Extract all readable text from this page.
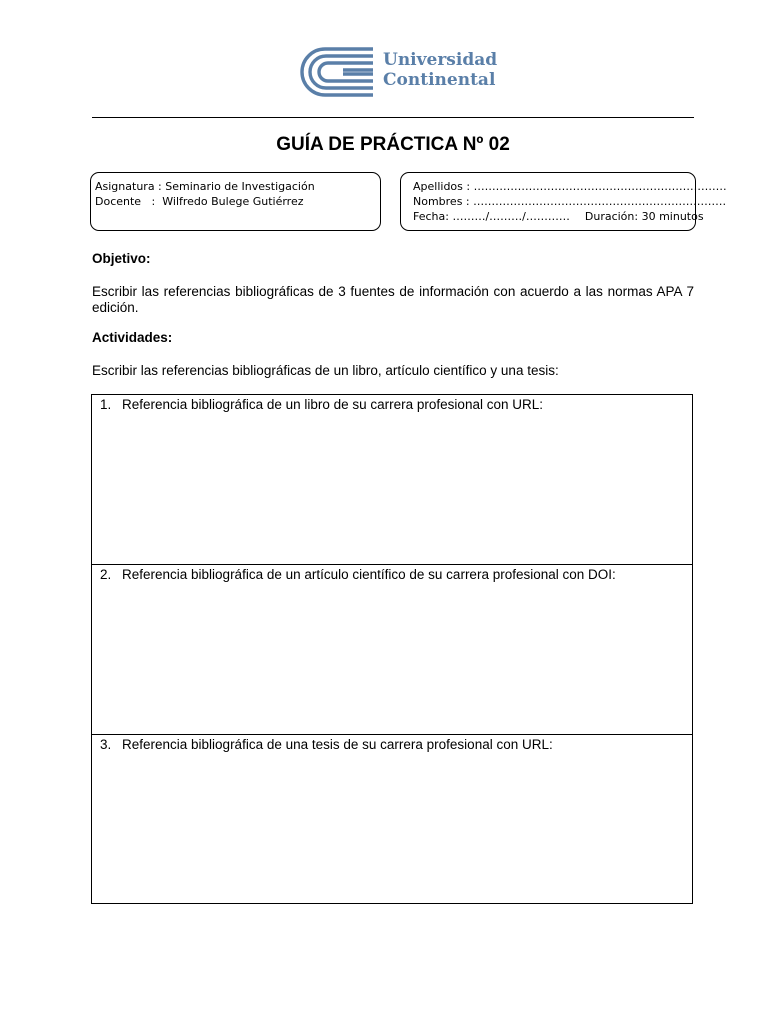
Universidad
Continental
GUÍA DE PRÁCTICA Nº 02
Asignatura : Seminario de Investigación
Docente   :  Wilfredo Bulege Gutiérrez
Apellidos : ……………………………………………………………
Nombres : ……………………………………………………………
Fecha: ………/………/………… Duración: 30 minutos
Objetivo:
Escribir las referencias bibliográficas de 3 fuentes de información con acuerdo a las normas APA 7 edición.
Actividades:
Escribir las referencias bibliográficas de un libro, artículo científico y una tesis:
1. Referencia bibliográfica de un libro de su carrera profesional con URL:
2. Referencia bibliográfica de un artículo científico de su carrera profesional con DOI:
3. Referencia bibliográfica de una tesis de su carrera profesional con URL:
